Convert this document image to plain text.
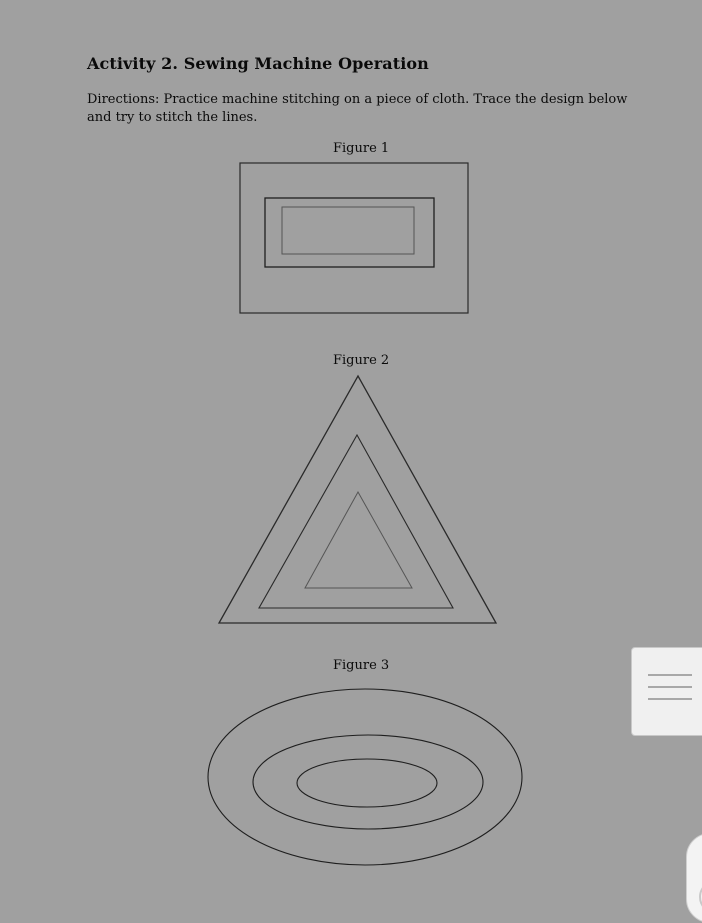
Activity 2. Sewing Machine Operation
Directions: Practice machine stitching on a piece of cloth. Trace the design below and try to stitch the lines.
Figure 1
Figure 2
Figure 3
